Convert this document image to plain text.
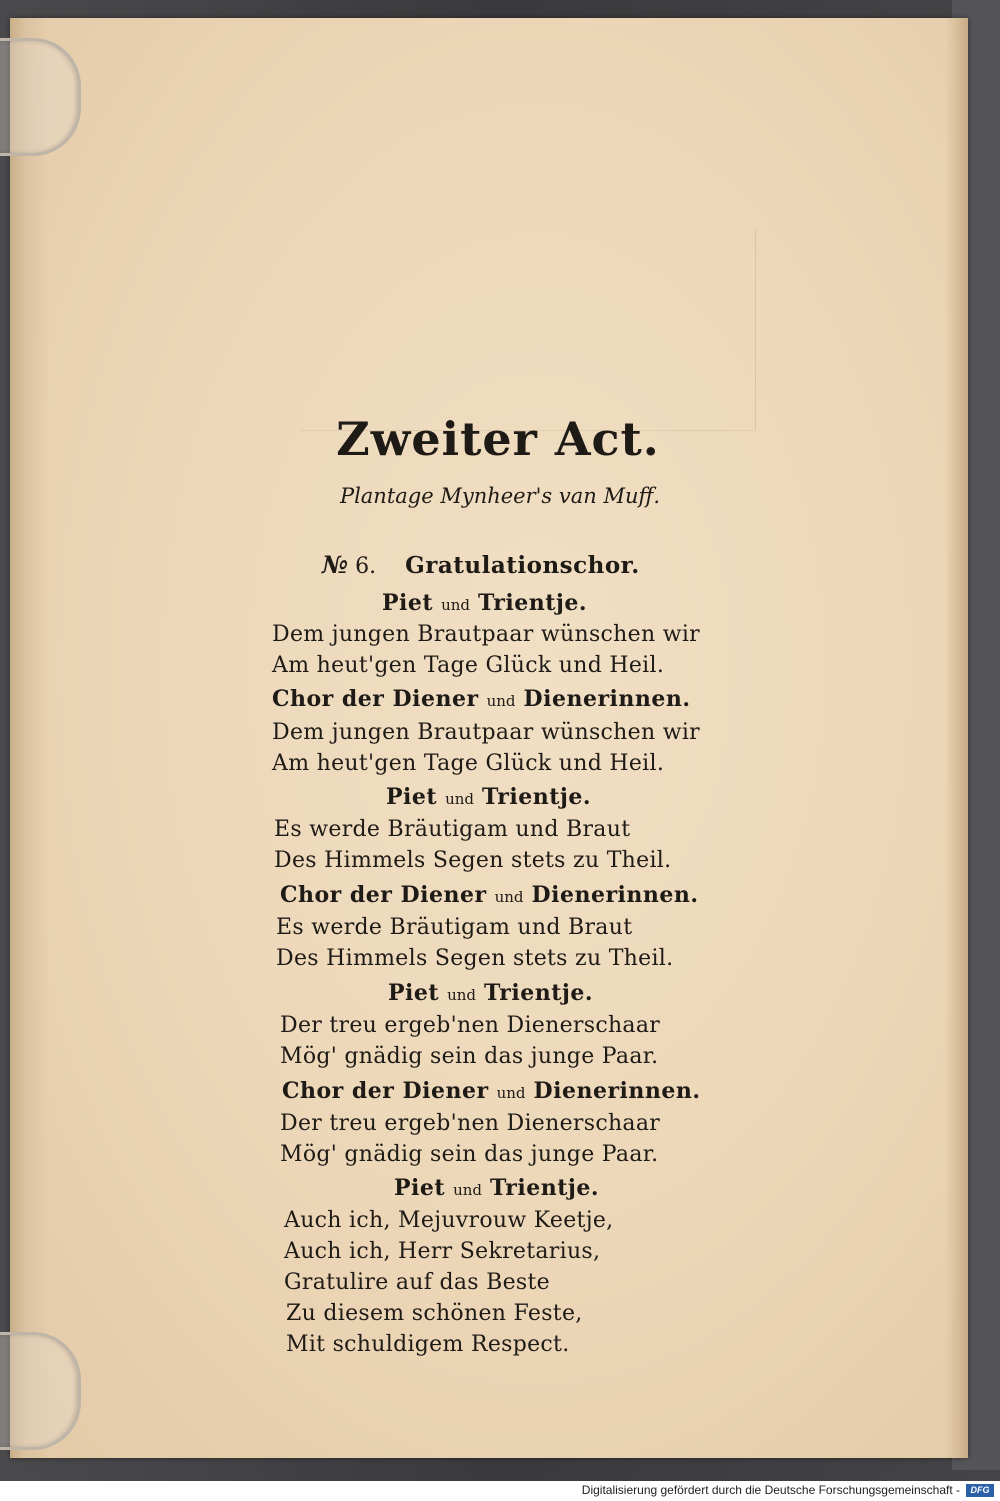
Zweiter Act.
Plantage Mynheer's van Muff.
№ 6. Gratulationschor.
Piet und Trientje.
Dem jungen Brautpaar wünschen wir
Am heut'gen Tage Glück und Heil.
Chor der Diener und Dienerinnen.
Dem jungen Brautpaar wünschen wir
Am heut'gen Tage Glück und Heil.
Piet und Trientje.
Es werde Bräutigam und Braut
Des Himmels Segen stets zu Theil.
Chor der Diener und Dienerinnen.
Es werde Bräutigam und Braut
Des Himmels Segen stets zu Theil.
Piet und Trientje.
Der treu ergeb'nen Dienerschaar
Mög' gnädig sein das junge Paar.
Chor der Diener und Dienerinnen.
Der treu ergeb'nen Dienerschaar
Mög' gnädig sein das junge Paar.
Piet und Trientje.
Auch ich, Mejuvrouw Keetje,
Auch ich, Herr Sekretarius,
Gratulire auf das Beste
Zu diesem schönen Feste,
Mit schuldigem Respect.
Digitalisierung gefördert durch die Deutsche Forschungsgemeinschaft -	DFG
